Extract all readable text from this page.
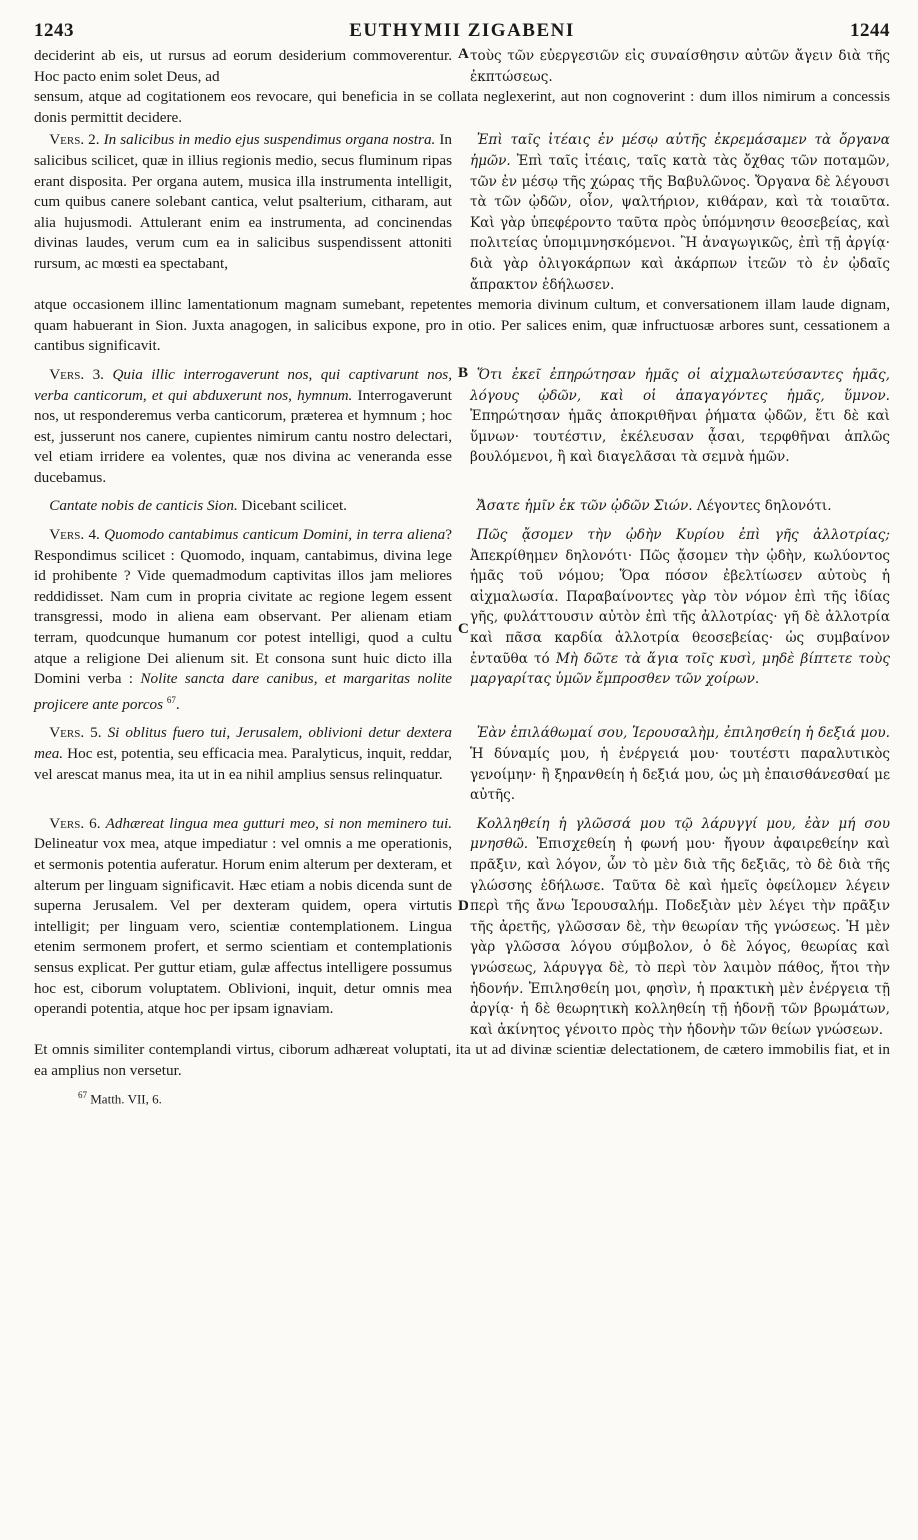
1243	EUTHYMII ZIGABENI	1244

deciderint ab eis, ut rursus ad eorum desiderium commoverentur. Hoc pacto enim solet Deus, ad

A τοὺς τῶν εὐεργεσιῶν εἰς συναίσθησιν αὐτῶν ἄγειν διὰ τῆς ἐκπτώσεως.

sensum, atque ad cogitationem eos revocare, qui beneficia in se collata neglexerint, aut non cognoverint : dum illos nimirum a concessis donis permittit decidere.

 Vers. 2. In salicibus in medio ejus suspendimus organa nostra. In salicibus scilicet, quæ in illius regionis medio, secus fluminum ripas erant disposita. Per organa autem, musica illa instrumenta intelligit, cum quibus canere solebant cantica, velut psalterium, citharam, aut alia hujusmodi. Attulerant enim ea instrumenta, ad concinendas divinas laudes, verum cum ea in salicibus suspendissent attoniti rursum, ac mœsti ea spectabant,

 Ἐπὶ ταῖς ἰτέαις ἐν μέσῳ αὐτῆς ἐκρεμάσαμεν τὰ ὄργανα ἡμῶν. Ἐπὶ ταῖς ἰτέαις, ταῖς κατὰ τὰς ὄχθας τῶν ποταμῶν, τῶν ἐν μέσῳ τῆς χώρας τῆς Βαβυλῶνος. Ὄργανα δὲ λέγουσι τὰ τῶν ᾠδῶν, οἷον, ψαλτήριον, κιθάραν, καὶ τὰ τοιαῦτα. Καὶ γὰρ ὑπεφέροντο ταῦτα πρὸς ὑπόμνησιν θεοσεβείας, καὶ πολιτείας ὑπομιμνησκόμενοι. Ἢ ἀναγωγικῶς, ἐπὶ τῇ ἀργίᾳ· διὰ γὰρ ὀλιγοκάρπων καὶ ἀκάρπων ἰτεῶν τὸ ἐν ᾠδαῖς ἄπρακτον ἐδήλωσεν.

atque occasionem illinc lamentationum magnam sumebant, repetentes memoria divinum cultum, et conversationem illam laude dignam, quam habuerant in Sion. Juxta anagogen, in salicibus expone, pro in otio. Per salices enim, quæ infructuosæ arbores sunt, cessationem a cantibus significavit.

 Vers. 3. Quia illic interrogaverunt nos, qui captivarunt nos, verba canticorum, et qui abduxerunt nos, hymnum. Interrogaverunt nos, ut responderemus verba canticorum, præterea et hymnum ; hoc est, jusserunt nos canere, cupientes nimirum cantu nostro delectari, vel etiam irridere ea volentes, quæ nos divina ac veneranda esse ducebamus.

B

  Ὅτι ἐκεῖ ἐπηρώτησαν ἡμᾶς οἱ αἰχμαλωτεύσαντες ἡμᾶς, λόγους ᾠδῶν, καὶ οἱ ἀπαγαγόντες ἡμᾶς, ὕμνον. Ἐπηρώτησαν ἡμᾶς ἀποκριθῆναι ῥήματα ᾠδῶν, ἔτι δὲ καὶ ὕμνων· τουτέστιν, ἐκέλευσαν ᾆσαι, τερφθῆναι ἁπλῶς βουλόμενοι, ἢ καὶ διαγελᾶσαι τὰ σεμνὰ ἡμῶν.

 Cantate nobis de canticis Sion. Dicebant scilicet.

 	Ἄσατε ἡμῖν ἐκ τῶν ᾠδῶν Σιών. Λέγοντες δηλονότι.

 Vers. 4. Quomodo cantabimus canticum Domini, in terra aliena? Respondimus scilicet : Quomodo, inquam, cantabimus, divina lege id prohibente ? Vide quemadmodum captivitas illos jam meliores reddidisset. Nam cum in propria civitate ac regione legem essent transgressi, modo in aliena eam observant. Per alienam etiam terram, quodcunque humanum cor potest intelligi, quod a cultu atque a religione Dei alienum sit. Et consona sunt huic dicto illa Domini verba : Nolite sancta dare canibus, et margaritas nolite projicere ante porcos $^{67}$.

C

 Πῶς ᾄσομεν τὴν ᾠδὴν Κυρίου ἐπὶ γῆς ἀλλοτρίας; Ἀπεκρίθημεν δηλονότι· Πῶς ᾄσομεν τὴν ᾠδὴν, κωλύοντος ἡμᾶς τοῦ νόμου; Ὅρα πόσον ἐβελτίωσεν αὐτοὺς ἡ αἰχμαλωσία. Παραβαίνοντες γὰρ τὸν νόμον ἐπὶ τῆς ἰδίας γῆς, φυλάττουσιν αὐτὸν ἐπὶ τῆς ἀλλοτρίας· γῆ δὲ ἀλλοτρία καὶ πᾶσα καρδία ἀλλοτρία θεοσεβείας· ὡς συμβαίνον ἐνταῦθα τό Μὴ δῶτε τὰ ἅγια τοῖς κυσὶ, μηδὲ βίπτετε τοὺς μαργαρίτας ὑμῶν ἔμπροσθεν τῶν χοίρων.

 Vers. 5. Si oblitus fuero tui, Jerusalem, oblivioni detur dextera mea. Hoc est, potentia, seu efficacia mea. Paralyticus, inquit, reddar, vel arescat manus mea, ita ut in ea nihil amplius sensus relinquatur.

 Ἐὰν ἐπιλάθωμαί σου, Ἱερουσαλὴμ, ἐπιλησθείη ἡ δεξιά μου. Ἡ δύναμίς μου, ἡ ἐνέργειά μου· τουτέστι παραλυτικὸς γενοίμην· ἢ ξηρανθείη ἡ δεξιά μου, ὡς μὴ ἐπαισθάνεσθαί με αὐτῆς.

 Vers. 6. Adhæreat lingua mea gutturi meo, si non meminero tui. Delineatur vox mea, atque impediatur : vel omnis a me operationis, et sermonis potentia auferatur. Horum enim alterum per dexteram, et alterum per linguam significavit. Hæc etiam a nobis dicenda sunt de superna Jerusalem. Vel per dexteram quidem, opera virtutis intelligit; per linguam vero, scientiæ contemplationem. Lingua etenim sermonem profert, et sermo scientiam et contemplationis sensus explicat. Per guttur etiam, gulæ affectus intelligere possumus hoc est, ciborum voluptatem. Oblivioni, inquit, detur omnis mea operandi potentia, atque hoc per ipsam ignaviam.

D

 Κολληθείη ἡ γλῶσσά μου τῷ λάρυγγί μου, ἐὰν μή σου μνησθῶ. Ἐπισχεθείη ἡ φωνή μου· ἤγουν ἀφαιρεθείην καὶ πρᾶξιν, καὶ λόγον, ὧν τὸ μὲν διὰ τῆς δεξιᾶς, τὸ δὲ διὰ τῆς γλώσσης ἐδήλωσε. Ταῦτα δὲ καὶ ἡμεῖς ὀφείλομεν λέγειν περὶ τῆς ἄνω Ἱερουσαλήμ. Ποδεξιὰν μὲν λέγει τὴν πρᾶξιν τῆς ἀρετῆς, γλῶσσαν δὲ, τὴν θεωρίαν τῆς γνώσεως. Ἡ μὲν γὰρ γλῶσσα λόγου σύμβολον, ὁ δὲ λόγος, θεωρίας καὶ γνώσεως, λάρυγγα δὲ, τὸ περὶ τὸν λαιμὸν πάθος, ἤτοι τὴν ἡδονήν. Ἐπιλησθείη μοι, φησὶν, ἡ πρακτικὴ μὲν ἐνέργεια τῇ ἀργίᾳ· ἡ δὲ θεωρητικὴ κολληθείη τῇ ἡδονῇ τῶν βρωμάτων, καὶ ἀκίνητος γένοιτο πρὸς τὴν ἡδονὴν τῶν θείων γνώσεων.

Et omnis similiter contemplandi virtus, ciborum adhæreat voluptati, ita ut ad divinæ scientiæ delectationem, de cætero immobilis fiat, et in ea amplius non versetur.

$^{67}$ Matth. VII, 6.
